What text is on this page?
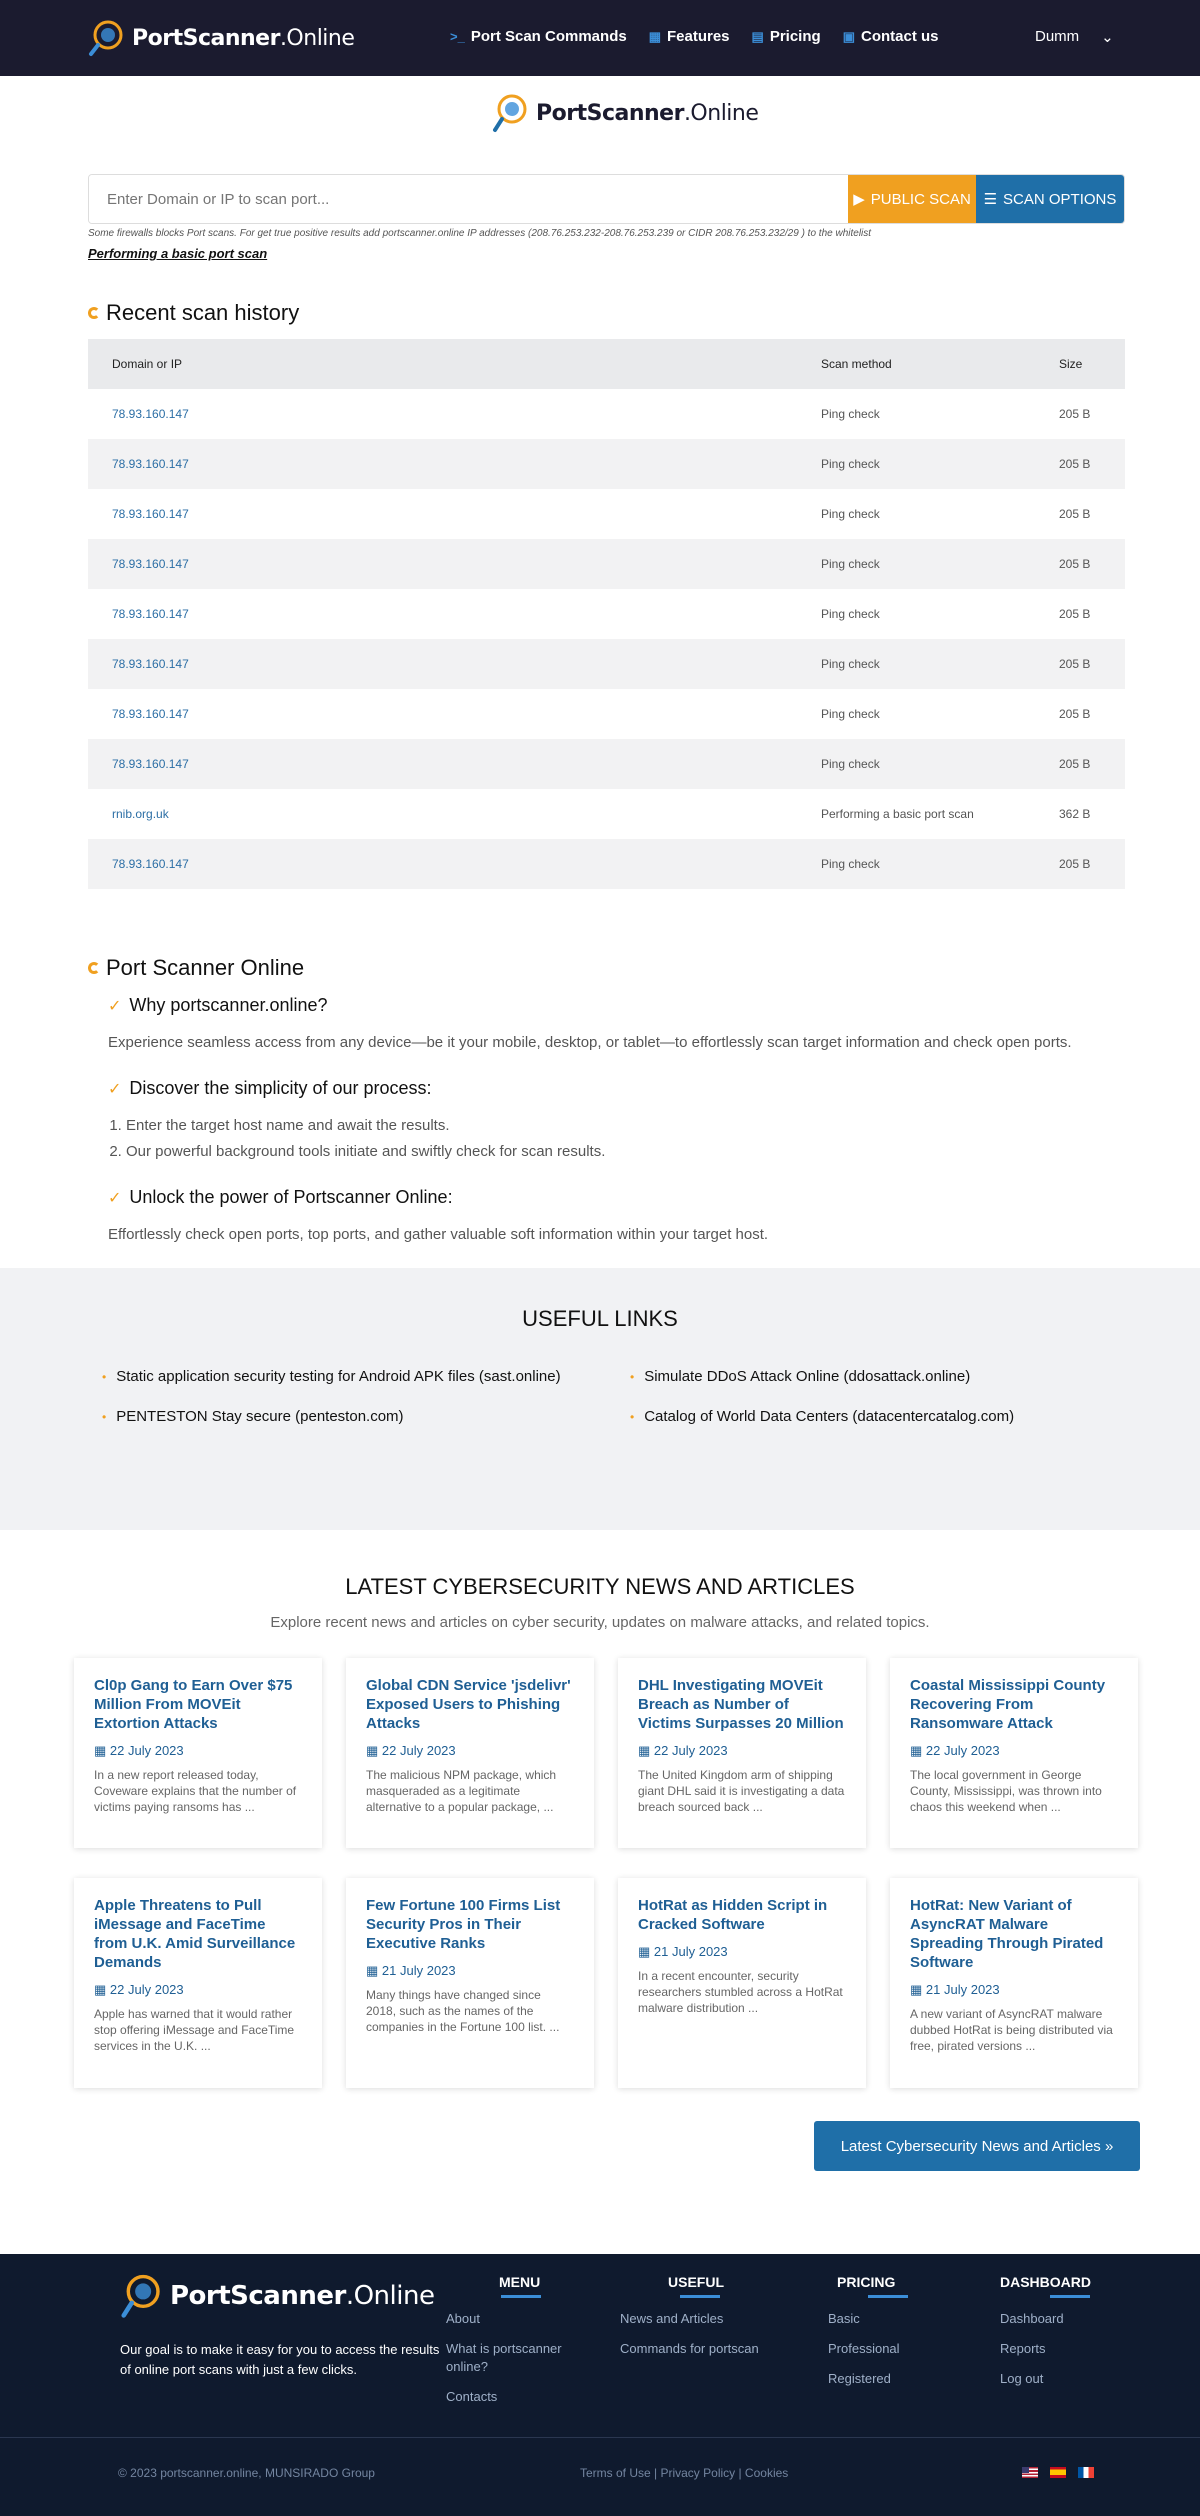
PortScanner.Online	>_ Port Scan Commands ▦ Features ▤ Pricing ▣ Contact us	Dumm ⌄
PortScanner.Online
Enter Domain or IP to scan port...
▶ PUBLIC SCAN ☰ SCAN OPTIONS
Some firewalls blocks Port scans. For get true positive results add portscanner.online IP addresses (208.76.253.232-208.76.253.239 or CIDR 208.76.253.232/29 ) to the whitelist
Performing a basic port scan
Recent scan history
Domain or IP	Scan method	Size
78.93.160.147	Ping check	205 B
78.93.160.147	Ping check	205 B
78.93.160.147	Ping check	205 B
78.93.160.147	Ping check	205 B
78.93.160.147	Ping check	205 B
78.93.160.147	Ping check	205 B
78.93.160.147	Ping check	205 B
78.93.160.147	Ping check	205 B
rnib.org.uk	Performing a basic port scan	362 B
78.93.160.147	Ping check	205 B
Port Scanner Online
✓ Why portscanner.online?

Experience seamless access from any device—be it your mobile, desktop, or tablet—to effortlessly scan target information and check open ports.

✓ Discover the simplicity of our process:
1. Enter the target host name and await the results.
2. Our powerful background tools initiate and swiftly check for scan results.
✓ Unlock the power of Portscanner Online:

Effortlessly check open ports, top ports, and gather valuable soft information within your target host.

USEFUL LINKS
• Static application security testing for Android APK files (sast.online)	• Simulate DDoS Attack Online (ddosattack.online)
• PENTESTON Stay secure (penteston.com)	• Catalog of World Data Centers (datacentercatalog.com)
LATEST CYBERSECURITY NEWS AND ARTICLES
Explore recent news and articles on cyber security, updates on malware attacks, and related topics.
Cl0p Gang to Earn Over $75 Million From MOVEit Extortion Attacks
▦ 22 July 2023
In a new report released today, Coveware explains that the number of victims paying ransoms has ...
Global CDN Service 'jsdelivr' Exposed Users to Phishing Attacks
▦ 22 July 2023
The malicious NPM package, which masqueraded as a legitimate alternative to a popular package, ...
DHL Investigating MOVEit Breach as Number of Victims Surpasses 20 Million
▦ 22 July 2023
The United Kingdom arm of shipping giant DHL said it is investigating a data breach sourced back ...
Coastal Mississippi County Recovering From Ransomware Attack
▦ 22 July 2023
The local government in George County, Mississippi, was thrown into chaos this weekend when ...
Apple Threatens to Pull iMessage and FaceTime from U.K. Amid Surveillance Demands
▦ 22 July 2023
Apple has warned that it would rather stop offering iMessage and FaceTime services in the U.K. ...
Few Fortune 100 Firms List Security Pros in Their Executive Ranks
▦ 21 July 2023
Many things have changed since 2018, such as the names of the companies in the Fortune 100 list. ...
HotRat as Hidden Script in Cracked Software
▦ 21 July 2023
In a recent encounter, security researchers stumbled across a HotRat malware distribution ...
HotRat: New Variant of AsyncRAT Malware Spreading Through Pirated Software
▦ 21 July 2023
A new variant of AsyncRAT malware dubbed HotRat is being distributed via free, pirated versions ...
Latest Cybersecurity News and Articles »
PortScanner.Online
Our goal is to make it easy for you to access the results of online port scans with just a few clicks.
MENU
About
What is portscanner online?
Contacts
USEFUL
News and Articles
Commands for portscan
PRICING
Basic
Professional
Registered
DASHBOARD
Dashboard
Reports
Log out
© 2023 portscanner.online, MUNSIRADO Group	Terms of Use | Privacy Policy | Cookies
